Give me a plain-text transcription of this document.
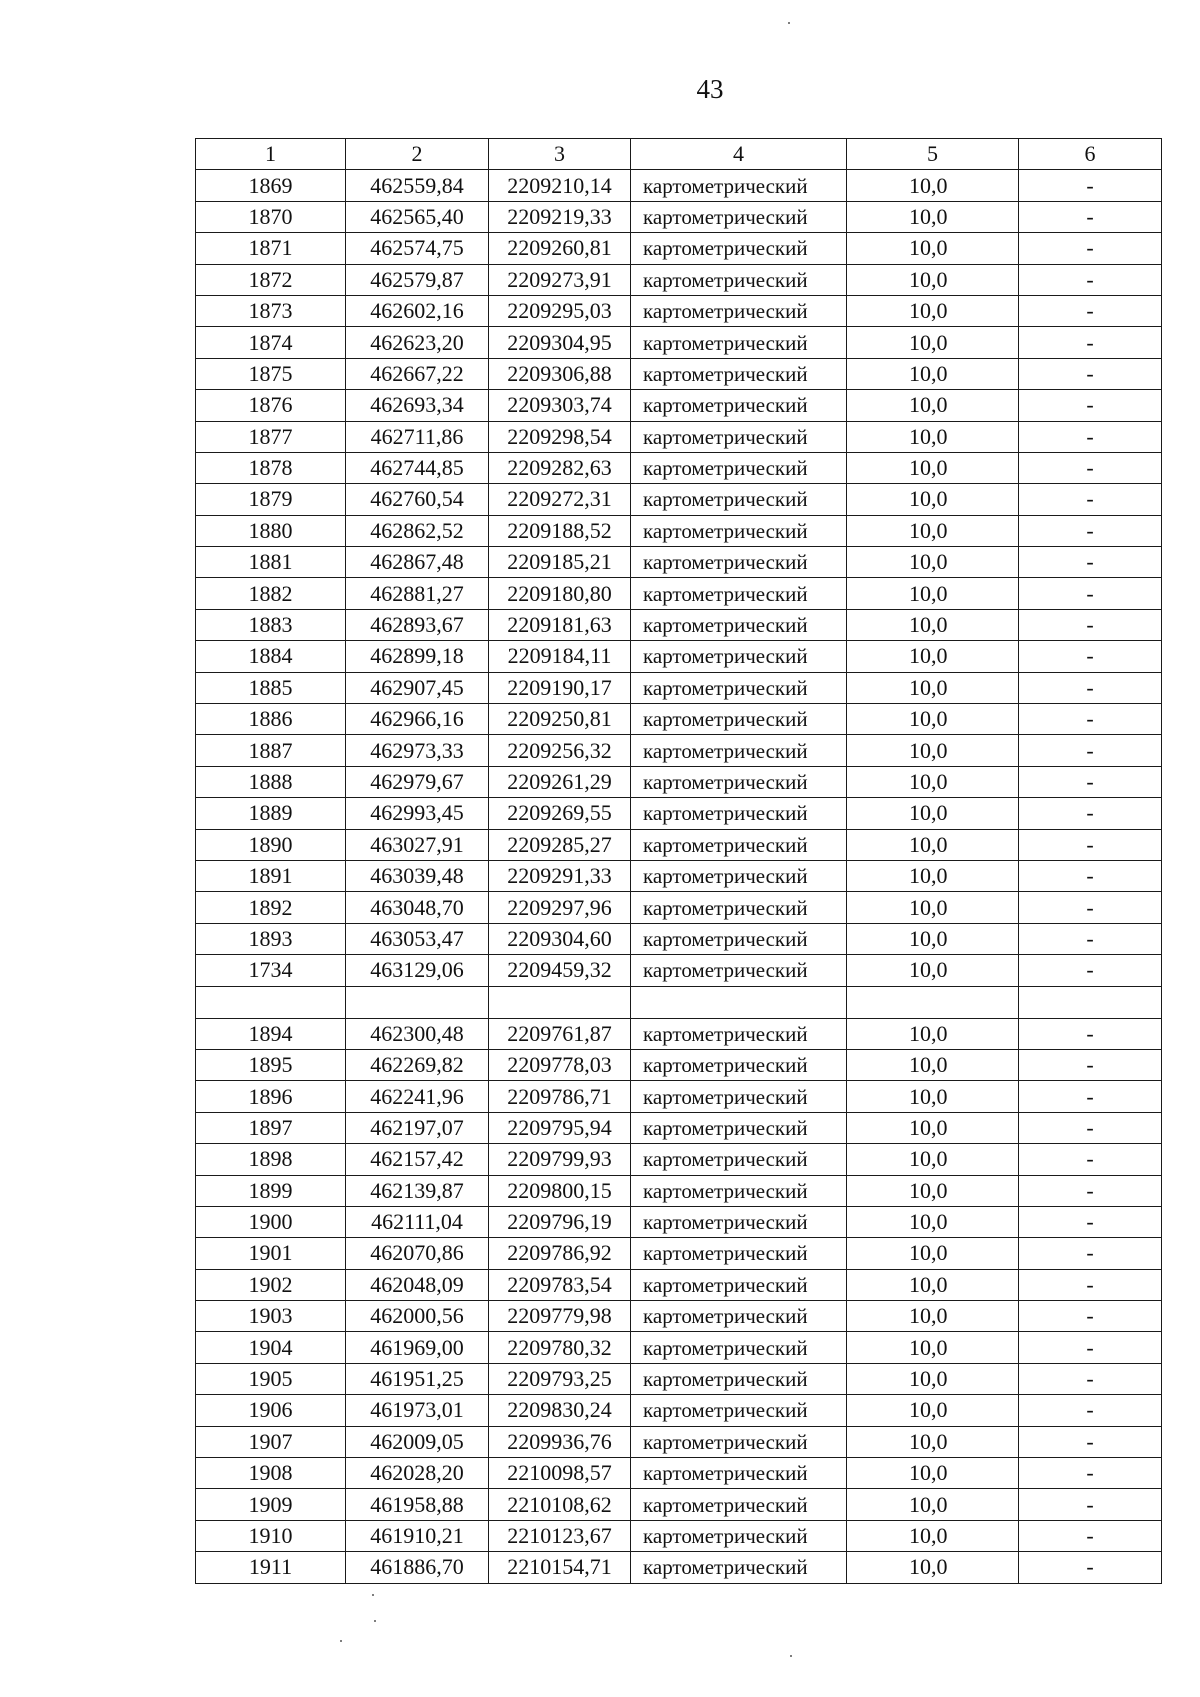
43
1	2	3	4	5	6
1869	462559,84	2209210,14	картометрический	10,0	-
1870	462565,40	2209219,33	картометрический	10,0	-
1871	462574,75	2209260,81	картометрический	10,0	-
1872	462579,87	2209273,91	картометрический	10,0	-
1873	462602,16	2209295,03	картометрический	10,0	-
1874	462623,20	2209304,95	картометрический	10,0	-
1875	462667,22	2209306,88	картометрический	10,0	-
1876	462693,34	2209303,74	картометрический	10,0	-
1877	462711,86	2209298,54	картометрический	10,0	-
1878	462744,85	2209282,63	картометрический	10,0	-
1879	462760,54	2209272,31	картометрический	10,0	-
1880	462862,52	2209188,52	картометрический	10,0	-
1881	462867,48	2209185,21	картометрический	10,0	-
1882	462881,27	2209180,80	картометрический	10,0	-
1883	462893,67	2209181,63	картометрический	10,0	-
1884	462899,18	2209184,11	картометрический	10,0	-
1885	462907,45	2209190,17	картометрический	10,0	-
1886	462966,16	2209250,81	картометрический	10,0	-
1887	462973,33	2209256,32	картометрический	10,0	-
1888	462979,67	2209261,29	картометрический	10,0	-
1889	462993,45	2209269,55	картометрический	10,0	-
1890	463027,91	2209285,27	картометрический	10,0	-
1891	463039,48	2209291,33	картометрический	10,0	-
1892	463048,70	2209297,96	картометрический	10,0	-
1893	463053,47	2209304,60	картометрический	10,0	-
1734	463129,06	2209459,32	картометрический	10,0	-

1894	462300,48	2209761,87	картометрический	10,0	-
1895	462269,82	2209778,03	картометрический	10,0	-
1896	462241,96	2209786,71	картометрический	10,0	-
1897	462197,07	2209795,94	картометрический	10,0	-
1898	462157,42	2209799,93	картометрический	10,0	-
1899	462139,87	2209800,15	картометрический	10,0	-
1900	462111,04	2209796,19	картометрический	10,0	-
1901	462070,86	2209786,92	картометрический	10,0	-
1902	462048,09	2209783,54	картометрический	10,0	-
1903	462000,56	2209779,98	картометрический	10,0	-
1904	461969,00	2209780,32	картометрический	10,0	-
1905	461951,25	2209793,25	картометрический	10,0	-
1906	461973,01	2209830,24	картометрический	10,0	-
1907	462009,05	2209936,76	картометрический	10,0	-
1908	462028,20	2210098,57	картометрический	10,0	-
1909	461958,88	2210108,62	картометрический	10,0	-
1910	461910,21	2210123,67	картометрический	10,0	-
1911	461886,70	2210154,71	картометрический	10,0	-
